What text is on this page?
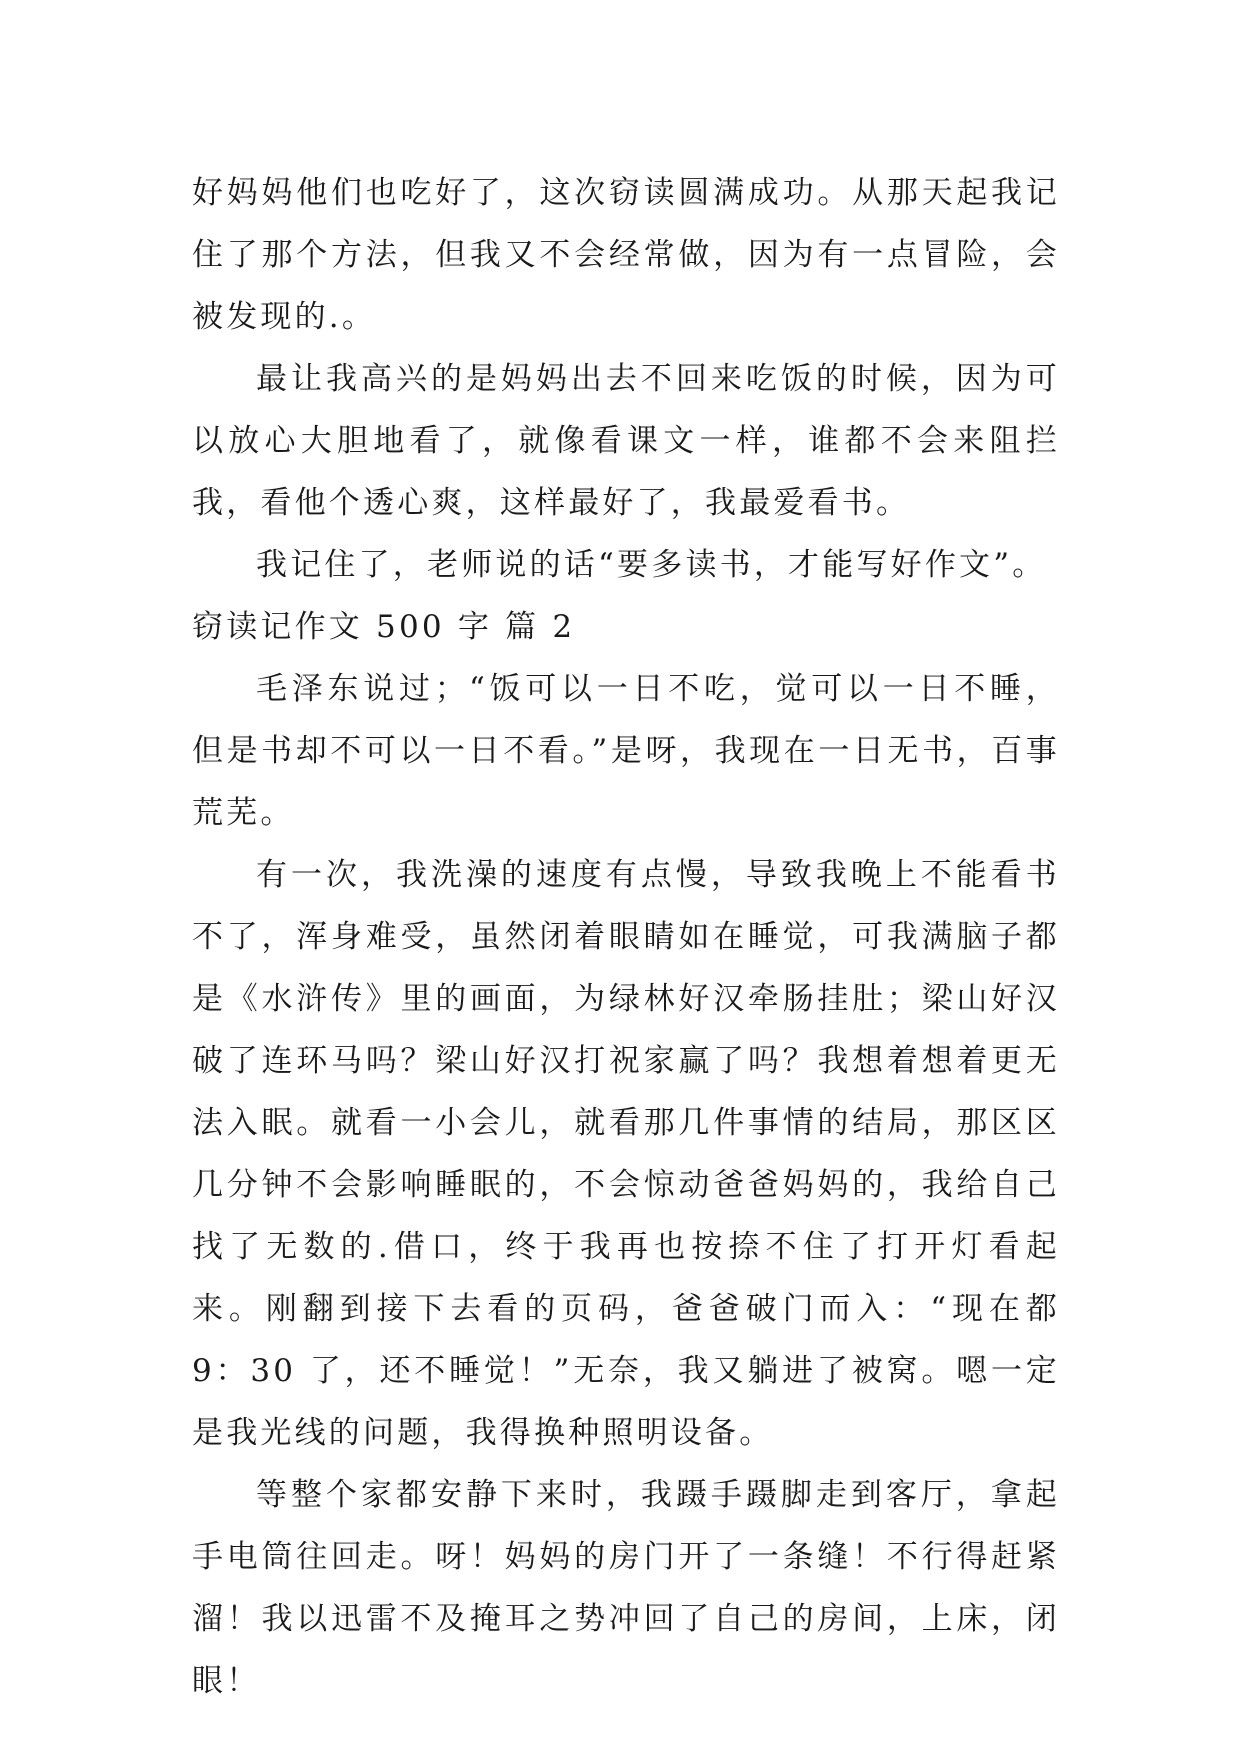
好妈妈他们也吃好了，这次窃读圆满成功。从那天起我记住了那个方法，但我又不会经常做，因为有一点冒险，会被发现的.。

最让我高兴的是妈妈出去不回来吃饭的时候，因为可以放心大胆地看了，就像看课文一样，谁都不会来阻拦我，看他个透心爽，这样最好了，我最爱看书。

我记住了，老师说的话“要多读书，才能写好作文”。

窃读记作文 500 字 篇 2

毛泽东说过；“饭可以一日不吃，觉可以一日不睡，但是书却不可以一日不看。”是呀，我现在一日无书，百事荒芜。

有一次，我洗澡的速度有点慢，导致我晚上不能看书不了，浑身难受，虽然闭着眼睛如在睡觉，可我满脑子都是《水浒传》里的画面，为绿林好汉牵肠挂肚；梁山好汉破了连环马吗？梁山好汉打祝家赢了吗？我想着想着更无法入眠。就看一小会儿，就看那几件事情的结局，那区区几分钟不会影响睡眠的，不会惊动爸爸妈妈的，我给自己找了无数的.借口，终于我再也按捺不住了打开灯看起来。刚翻到接下去看的页码，爸爸破门而入：“现在都 9：30 了，还不睡觉！”无奈，我又躺进了被窝。嗯一定是我光线的问题，我得换种照明设备。

等整个家都安静下来时，我蹑手蹑脚走到客厅，拿起手电筒往回走。呀！妈妈的房门开了一条缝！不行得赶紧溜！我以迅雷不及掩耳之势冲回了自己的房间，上床，闭眼！
